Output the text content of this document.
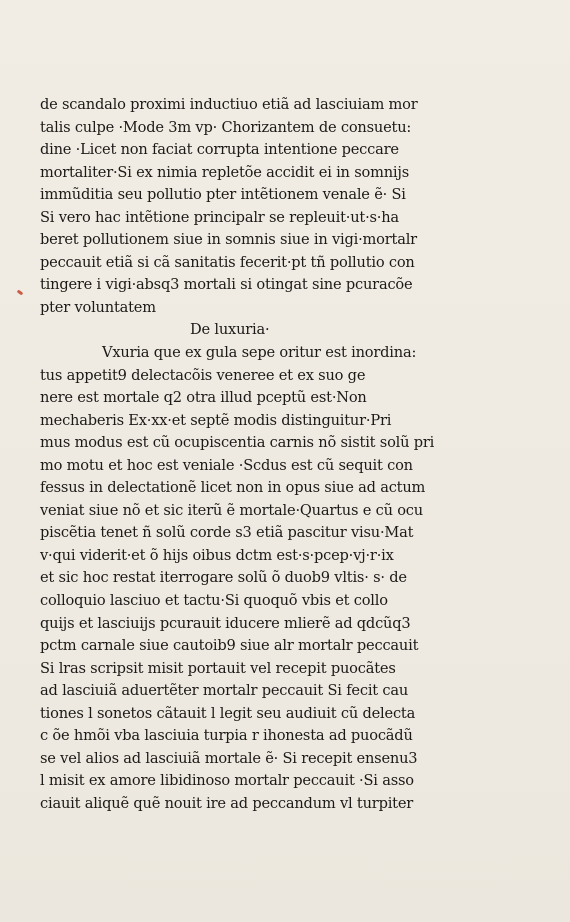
de scandalo proximi inductiuo etiã ad lasciuiam mor
talis culpe ·Mode 3m vp· Chorizantem de consuetu:
dine ·Licet non faciat corrupta intentione peccare
mortaliter·Si ex nimia repletõe accidit ei in somnijs
immũditia seu pollutio pter intẽtionem venale ẽ· Si
Si vero hac intẽtione principalr se repleuit·ut·s·ha
beret pollutionem siue in somnis siue in vigi·mortalr
peccauit etiã si cã sanitatis fecerit·pt tñ pollutio con
tingere i vigi·absq3 mortali si otingat sine pcuracõe
pter voluntatem
De luxuria·
Vxuria que ex gula sepe oritur est inordina:
tus appetit9 delectacõis veneree et ex suo ge
nere est mortale q2 otra illud pceptũ est·Non
mechaberis Ex·xx·et septẽ modis distinguitur·Pri
mus modus est cũ ocupiscentia carnis nõ sistit solũ pri
mo motu et hoc est veniale ·Scdus est cũ sequit con
fessus in delectationẽ licet non in opus siue ad actum
veniat siue nõ et sic iterũ ẽ mortale·Quartus e cũ ocu
piscẽtia tenet ñ solũ corde s3 etiã pascitur visu·Mat
v·qui viderit·et õ hijs oibus dctm est·s·pcep·vj·r·ix
et sic hoc restat iterrogare solũ õ duob9 vltis· s· de
colloquio lasciuo et tactu·Si quoquõ vbis et collo
quijs et lasciuijs pcurauit iducere mlierẽ ad qdcũq3
pctm carnale siue cautoib9 siue alr mortalr peccauit
Si lras scripsit misit portauit vel recepit puocãtes
ad lasciuiã aduertẽter mortalr peccauit Si fecit cau
tiones l sonetos cãtauit l legit seu audiuit cũ delecta
c õe hmõi vba lasciuia turpia r ihonesta ad puocãdũ
se vel alios ad lasciuiã mortale ẽ· Si recepit ensenu3
l misit ex amore libidinoso mortalr peccauit ·Si asso
ciauit aliquẽ quẽ nouit ire ad peccandum vl turpiter
